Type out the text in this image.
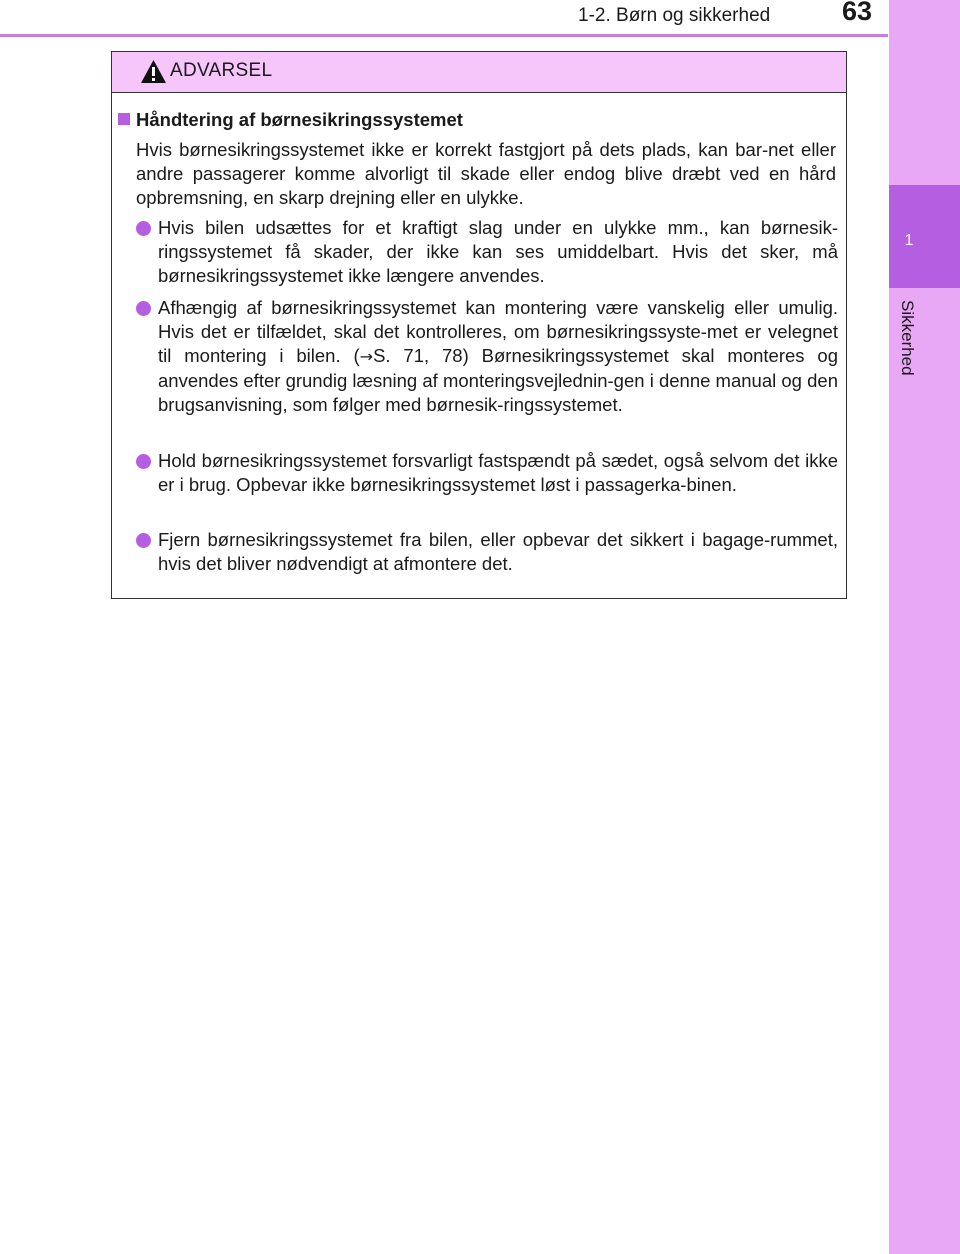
1-2. Børn og sikkerhed	63
1
Sikkerhed
ADVARSEL
Håndtering af børnesikringssystemet

Hvis børnesikringssystemet ikke er korrekt fastgjort på dets plads, kan bar-net eller andre passagerer komme alvorligt til skade eller endog blive dræbt ved en hård opbremsning, en skarp drejning eller en ulykke.

Hvis bilen udsættes for et kraftigt slag under en ulykke mm., kan børnesik-ringssystemet få skader, der ikke kan ses umiddelbart. Hvis det sker, må børnesikringssystemet ikke længere anvendes.
Afhængig af børnesikringssystemet kan montering være vanskelig eller umulig. Hvis det er tilfældet, skal det kontrolleres, om børnesikringssyste-met er velegnet til montering i bilen. (→S. 71, 78) Børnesikringssystemet skal monteres og anvendes efter grundig læsning af monteringsvejlednin-gen i denne manual og den brugsanvisning, som følger med børnesik-ringssystemet.
Hold børnesikringssystemet forsvarligt fastspændt på sædet, også selvom det ikke er i brug. Opbevar ikke børnesikringssystemet løst i passagerka-binen.
Fjern børnesikringssystemet fra bilen, eller opbevar det sikkert i bagage-rummet, hvis det bliver nødvendigt at afmontere det.
